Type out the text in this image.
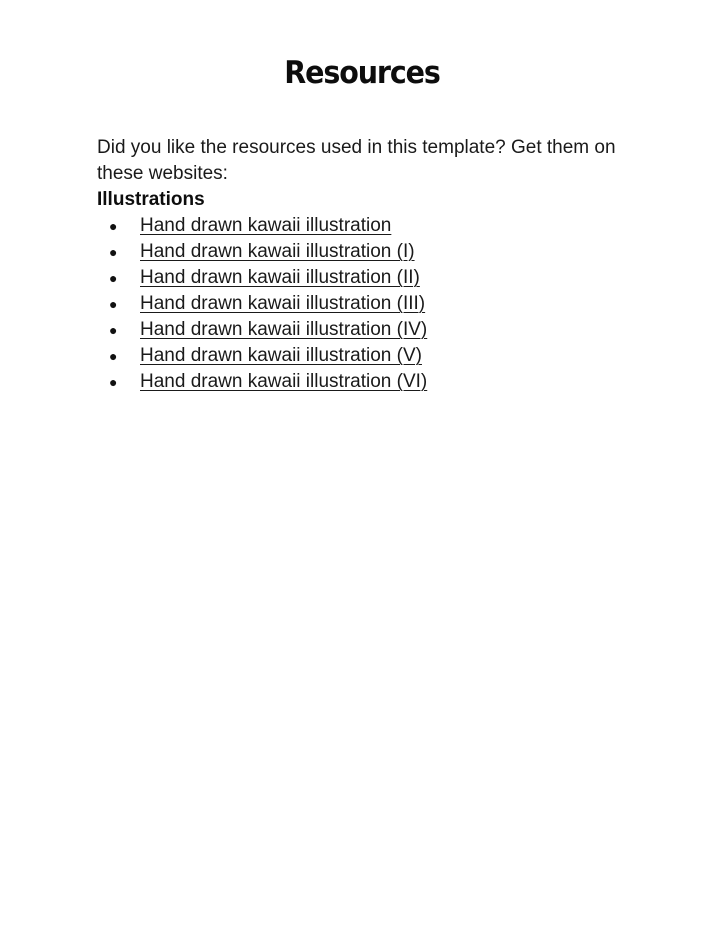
Resources

Did you like the resources used in this template? Get them on these websites:

Illustrations

● Hand drawn kawaii illustration
● Hand drawn kawaii illustration (I)
● Hand drawn kawaii illustration (II)
● Hand drawn kawaii illustration (III)
● Hand drawn kawaii illustration (IV)
● Hand drawn kawaii illustration (V)
● Hand drawn kawaii illustration (VI)
